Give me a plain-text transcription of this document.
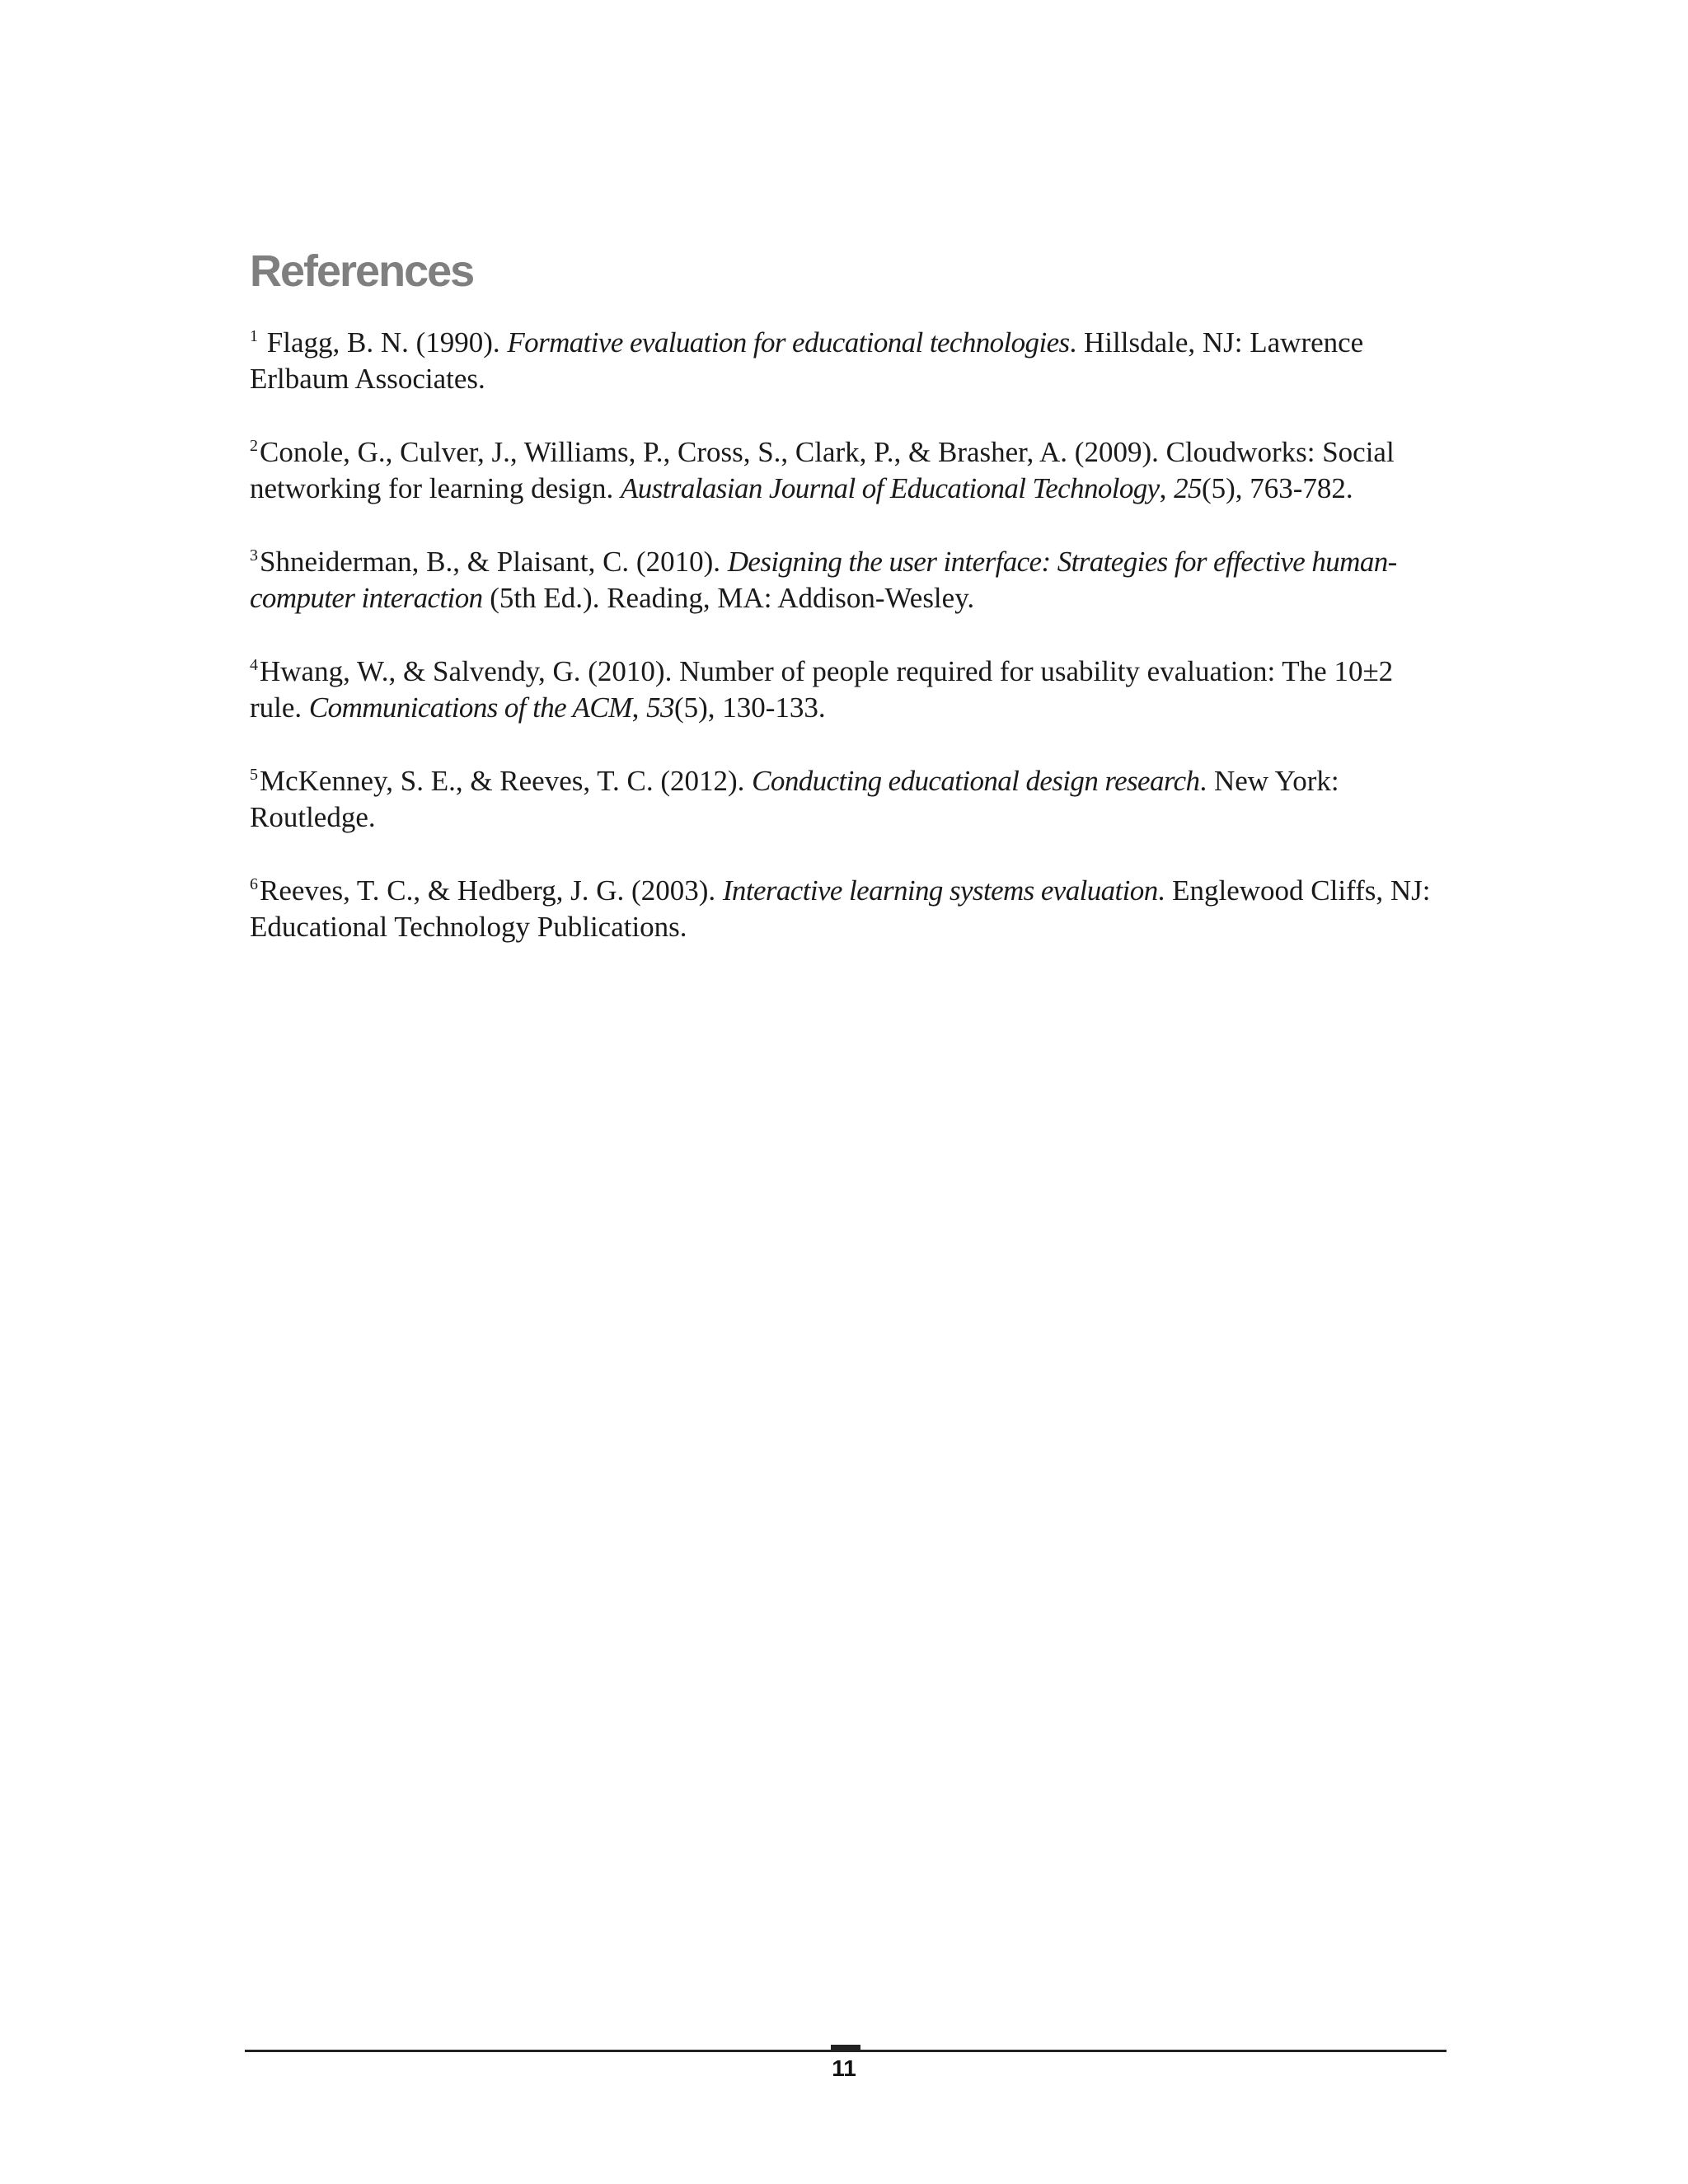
References
$^1$ Flagg, B. N. (1990). Formative evaluation for educational technologies. Hillsdale, NJ: Lawrence Erlbaum Associates.
$^2$Conole, G., Culver, J., Williams, P., Cross, S., Clark, P., & Brasher, A. (2009). Cloudworks: Social networking for learning design. Australasian Journal of Educational Technology, 25(5), 763-782.
$^3$Shneiderman, B., & Plaisant, C. (2010). Designing the user interface: Strategies for effective human-computer interaction (5th Ed.). Reading, MA: Addison-Wesley.
$^4$Hwang, W., & Salvendy, G. (2010). Number of people required for usability evaluation: The 10±2 rule. Communications of the ACM, 53(5), 130-133.
$^5$McKenney, S. E., & Reeves, T. C. (2012). Conducting educational design research. New York: Routledge.
$^6$Reeves, T. C., & Hedberg, J. G. (2003). Interactive learning systems evaluation. Englewood Cliffs, NJ: Educational Technology Publications.
11
